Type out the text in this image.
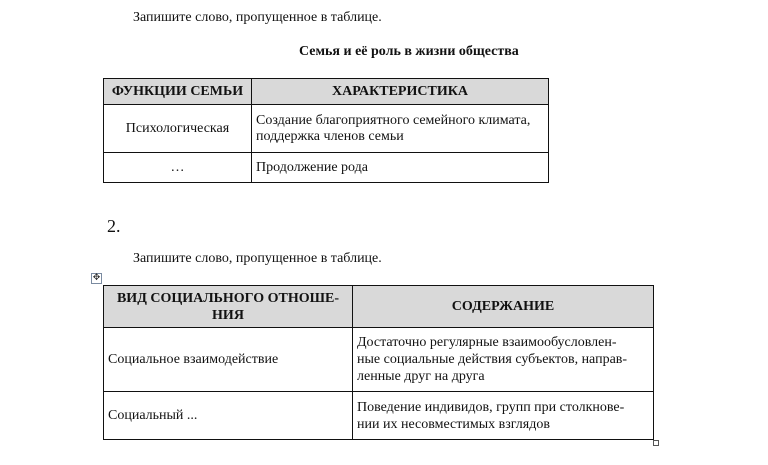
Запишите слово, пропущенное в таблице.
Семья и её роль в жизни общества
ФУНКЦИИ СЕМЬИ	ХАРАКТЕРИСТИКА
Психологическая	Создание благоприятного семейного климата,
поддержка членов семьи

…	Продолжение рода
2.
Запишите слово, пропущенное в таблице.
✥
ВИД СОЦИАЛЬНОГО ОТНОШЕ-
НИЯ	СОДЕРЖАНИЕ
Социальное взаимодействие	Достаточно регулярные взаимообусловлен-
ные социальные действия субъектов, направ-
ленные друг на друга

Социальный ...	Поведение индивидов, групп при столкнове-
нии их несовместимых взглядов
